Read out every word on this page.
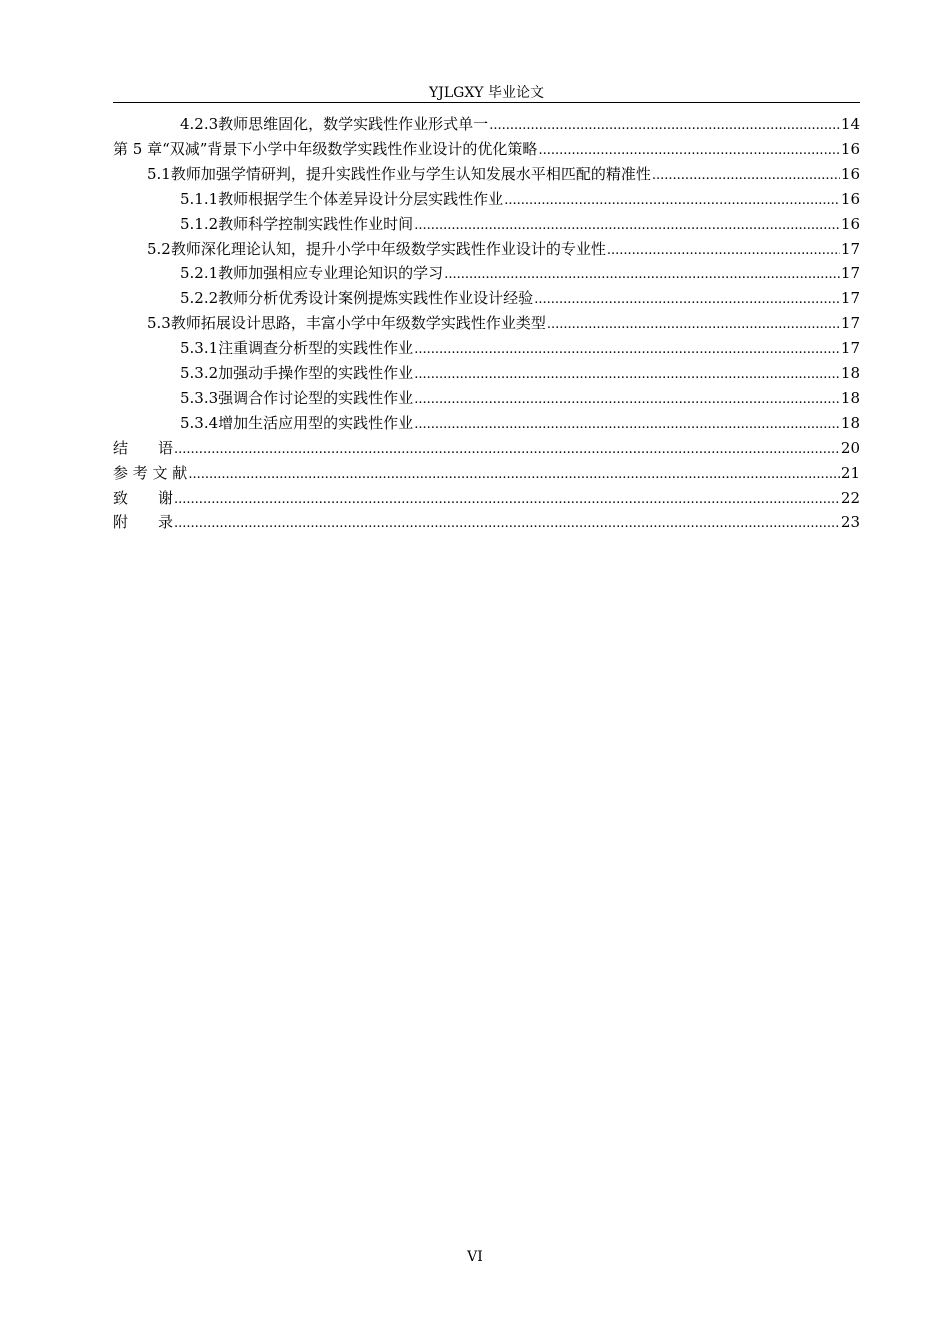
YJLGXY 毕业论文
4.2.3 教师思维固化，数学实践性作业形式单一 .....	14
第 5 章 “双减”背景下小学中年级数学实践性作业设计的优化策略 .....	16
5.1 教师加强学情研判，提升实践性作业与学生认知发展水平相匹配的精准性 .....	16
5.1.1 教师根据学生个体差异设计分层实践性作业 .....	16
5.1.2 教师科学控制实践性作业时间 .....	16
5.2 教师深化理论认知，提升小学中年级数学实践性作业设计的专业性 .....	17
5.2.1 教师加强相应专业理论知识的学习 .....	17
5.2.2 教师分析优秀设计案例提炼实践性作业设计经验 .....	17
5.3 教师拓展设计思路，丰富小学中年级数学实践性作业类型 .....	17
5.3.1 注重调查分析型的实践性作业 .....	17
5.3.2 加强动手操作型的实践性作业 .....	18
5.3.3 强调合作讨论型的实践性作业 .....	18
5.3.4 增加生活应用型的实践性作业 .....	18
结　　语 .....	20
参 考 文 献 .....	21
致　　谢 .....	22
附　　录 .....	23
VI
